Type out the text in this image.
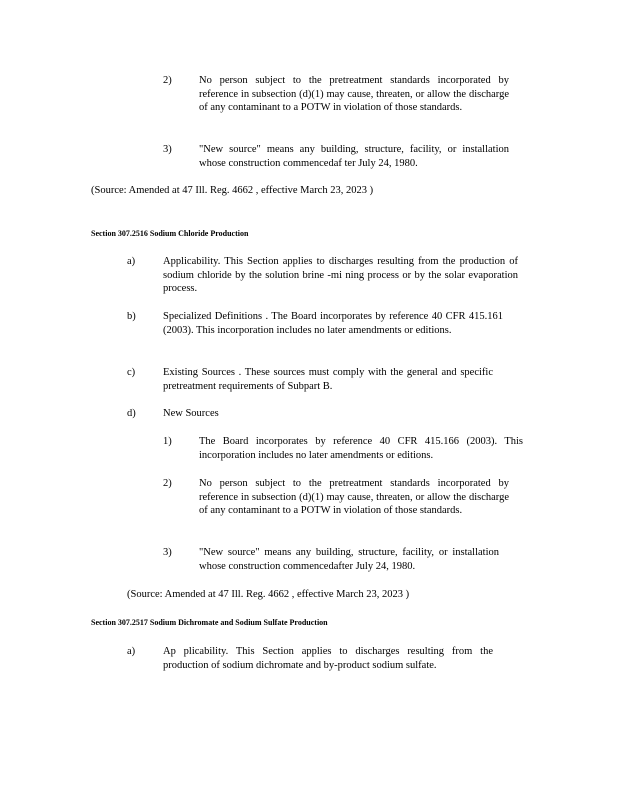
2)	No person subject to the pretreatment standards incorporated by reference in subsection (d)(1) may cause, threaten, or allow the discharge of any contaminant to a POTW in violation of those standards.
3)	"New source" means any building, structure, facility, or installation whose construction commencedaf ter July 24, 1980.
(Source: Amended at 47 Ill. Reg. 4662 , effective March 23, 2023 )
Section 307.2516 Sodium Chloride Production
a)	Applicability. This Section applies to discharges resulting from the production of sodium chloride by the solution brine -mi ning process or by the solar evaporation process.
b)	Specialized Definitions . The Board incorporates by reference 40 CFR 415.161 (2003). This incorporation includes no later amendments or editions.
c)	Existing Sources . These sources must comply with the general and specific pretreatment requirements of Subpart B.
d)	New Sources
1)	The Board incorporates by reference 40 CFR 415.166 (2003). This incorporation includes no later amendments or editions.
2)	No person subject to the pretreatment standards incorporated by reference in subsection (d)(1) may cause, threaten, or allow the discharge of any contaminant to a POTW in violation of those standards.
3)	"New source" means any building, structure, facility, or installation whose construction commencedafter July 24, 1980.
(Source: Amended at 47 Ill. Reg. 4662 , effective March 23, 2023 )
Section 307.2517 Sodium Dichromate and Sodium Sulfate Production
a)	Ap plicability. This Section applies to discharges resulting from the production of sodium dichromate and by-product sodium sulfate.
